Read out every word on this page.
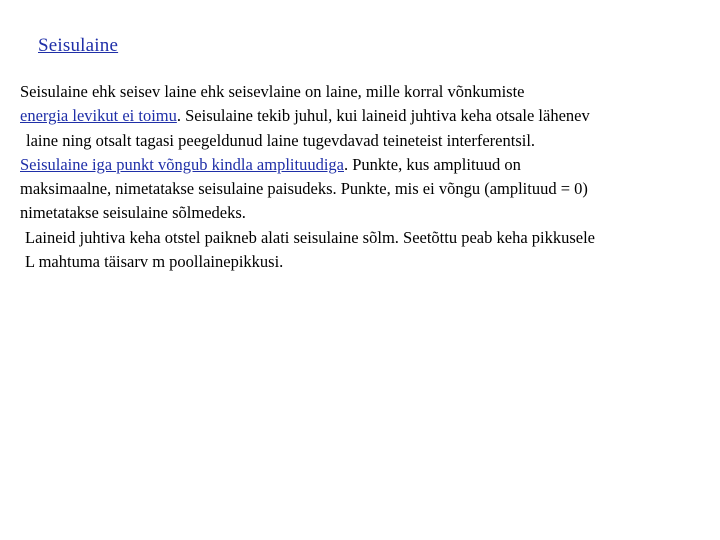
Seisulaine
Seisulaine ehk seisev laine ehk seisevlaine on laine, mille korral võnkumiste
energia levikut ei toimu. Seisulaine tekib juhul, kui laineid juhtiva keha otsale lähenev
laine ning otsalt tagasi peegeldunud laine tugevdavad teineteist interferentsil.
Seisulaine iga punkt võngub kindla amplituudiga. Punkte, kus amplituud on
maksimaalne, nimetatakse seisulaine paisudeks. Punkte, mis ei võngu (amplituud = 0)
nimetatakse seisulaine sõlmedeks.
Laineid juhtiva keha otstel paikneb alati seisulaine sõlm. Seetõttu peab keha pikkusele
L mahtuma täisarv m poollainepikkusi.
